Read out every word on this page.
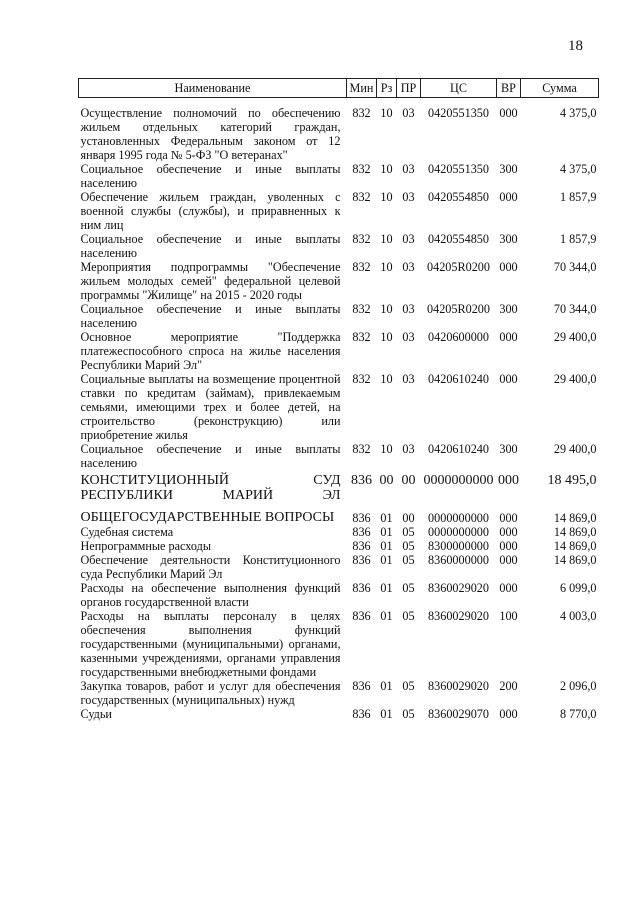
18
Наименование	Мин	Рз	ПР	ЦС	ВР	Сумма
Осуществление полномочий по обеспечению жильем отдельных категорий граждан, установленных Федеральным законом от 12 января 1995 года № 5-ФЗ "О ветеранах"	832	10	03	0420551350	000	4 375,0
Социальное обеспечение и иные выплаты населению	832	10	03	0420551350	300	4 375,0
Обеспечение жильем граждан, уволенных с военной службы (службы), и приравненных к ним лиц	832	10	03	0420554850	000	1 857,9
Социальное обеспечение и иные выплаты населению	832	10	03	0420554850	300	1 857,9
Мероприятия подпрограммы "Обеспечение жильем молодых семей" федеральной целевой программы "Жилище" на 2015 - 2020 годы	832	10	03	04205R0200	000	70 344,0
Социальное обеспечение и иные выплаты населению	832	10	03	04205R0200	300	70 344,0
Основное мероприятие "Поддержка платежеспособного спроса на жилье населения Республики Марий Эл"	832	10	03	0420600000	000	29 400,0
Социальные выплаты на возмещение процентной ставки по кредитам (займам), привлекаемым семьями, имеющими трех и более детей, на строительство (реконструкцию) или приобретение жилья	832	10	03	0420610240	000	29 400,0
Социальное обеспечение и иные выплаты населению	832	10	03	0420610240	300	29 400,0
КОНСТИТУЦИОННЫЙ СУД РЕСПУБЛИКИ МАРИЙ ЭЛ	836	00	00	0000000000	000	18 495,0
ОБЩЕГОСУДАРСТВЕННЫЕ ВОПРОСЫ	836	01	00	0000000000	000	14 869,0
Судебная система	836	01	05	0000000000	000	14 869,0
Непрограммные расходы	836	01	05	8300000000	000	14 869,0
Обеспечение деятельности Конституционного суда Республики Марий Эл	836	01	05	8360000000	000	14 869,0
Расходы на обеспечение выполнения функций органов государственной власти	836	01	05	8360029020	000	6 099,0
Расходы на выплаты персоналу в целях обеспечения выполнения функций государственными (муниципальными) органами, казенными учреждениями, органами управления государственными внебюджетными фондами	836	01	05	8360029020	100	4 003,0
Закупка товаров, работ и услуг для обеспечения государственных (муниципальных) нужд	836	01	05	8360029020	200	2 096,0
Судьи	836	01	05	8360029070	000	8 770,0
